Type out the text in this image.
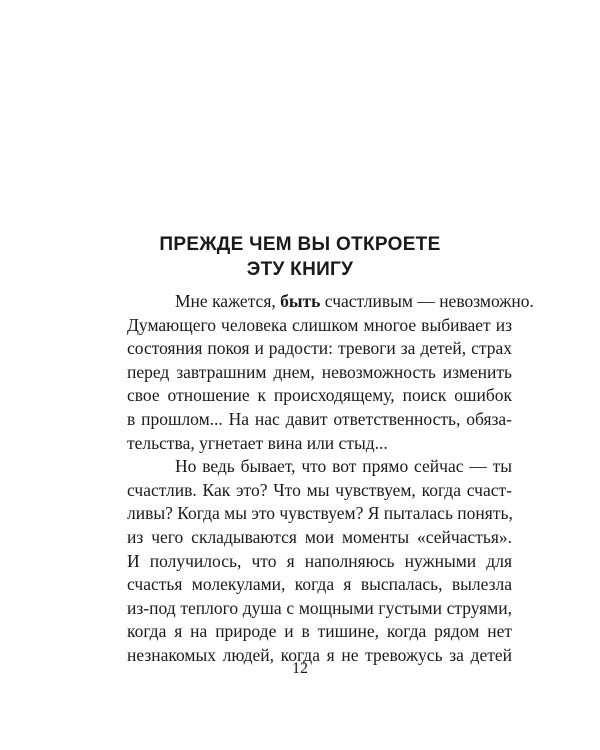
ПРЕЖДЕ ЧЕМ ВЫ ОТКРОЕТЕ
ЭТУ КНИГУ

Мне кажется, быть счастливым — невозможно.
Думающего человека слишком многое выбивает из
состояния покоя и радости: тревоги за детей, страх
перед завтрашним днем, невозможность изменить
свое отношение к происходящему, поиск ошибок
в прошлом... На нас давит ответственность, обяза-
тельства, угнетает вина или стыд...

Но ведь бывает, что вот прямо сейчас — ты
счастлив. Как это? Что мы чувствуем, когда счаст-
ливы? Когда мы это чувствуем? Я пыталась понять,
из чего складываются мои моменты «сейчастья».
И получилось, что я наполняюсь нужными для
счастья молекулами, когда я выспалась, вылезла
из-под теплого душа с мощными густыми струями,
когда я на природе и в тишине, когда рядом нет
незнакомых людей, когда я не тревожусь за детей

12
